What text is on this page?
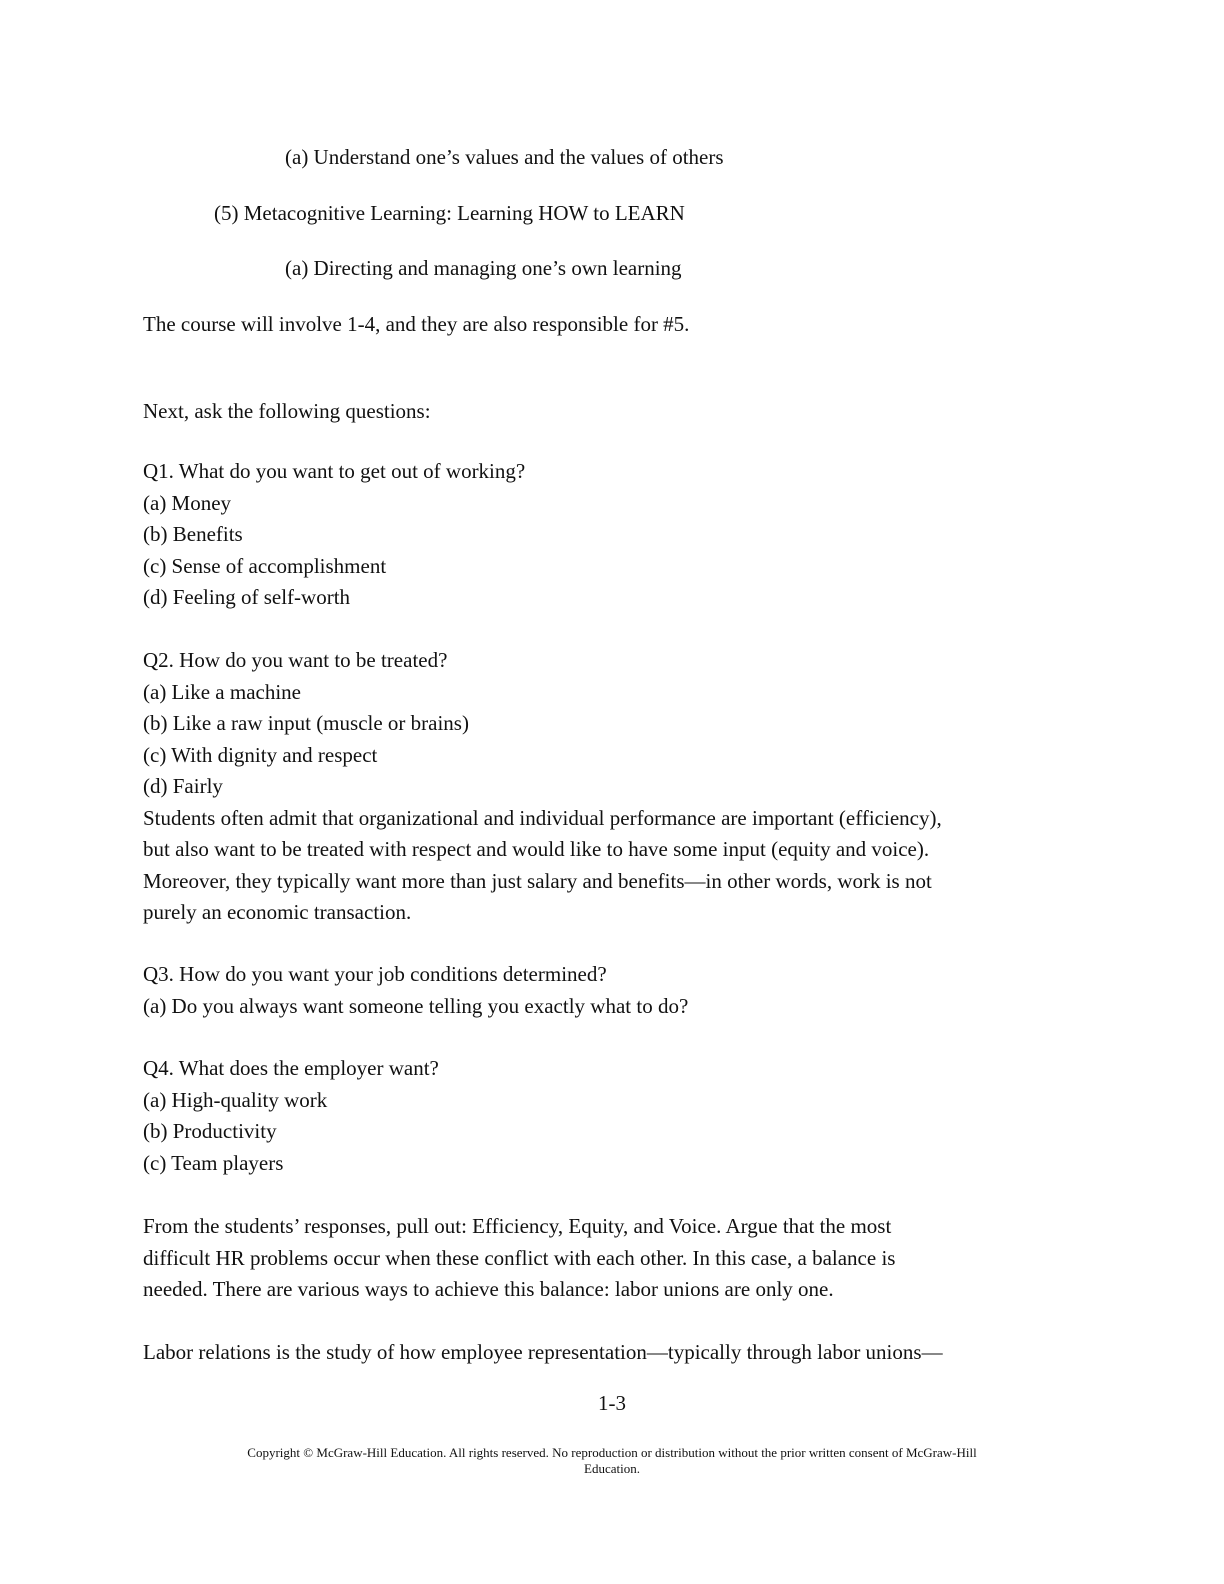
(a) Understand one’s values and the values of others
(5) Metacognitive Learning: Learning HOW to LEARN
(a) Directing and managing one’s own learning
The course will involve 1-4, and they are also responsible for #5.
Next, ask the following questions:
Q1. What do you want to get out of working?
(a) Money
(b) Benefits
(c) Sense of accomplishment
(d) Feeling of self-worth
Q2. How do you want to be treated?
(a) Like a machine
(b) Like a raw input (muscle or brains)
(c) With dignity and respect
(d) Fairly
Students often admit that organizational and individual performance are important (efficiency),
but also want to be treated with respect and would like to have some input (equity and voice).
Moreover, they typically want more than just salary and benefits—in other words, work is not
purely an economic transaction.
Q3. How do you want your job conditions determined?
(a) Do you always want someone telling you exactly what to do?
Q4. What does the employer want?
(a) High-quality work
(b) Productivity
(c) Team players
From the students’ responses, pull out: Efficiency, Equity, and Voice. Argue that the most
difficult HR problems occur when these conflict with each other. In this case, a balance is
needed. There are various ways to achieve this balance: labor unions are only one.
Labor relations is the study of how employee representation—typically through labor unions—
1-3
Copyright © McGraw-Hill Education. All rights reserved. No reproduction or distribution without the prior written consent of McGraw-Hill
Education.
